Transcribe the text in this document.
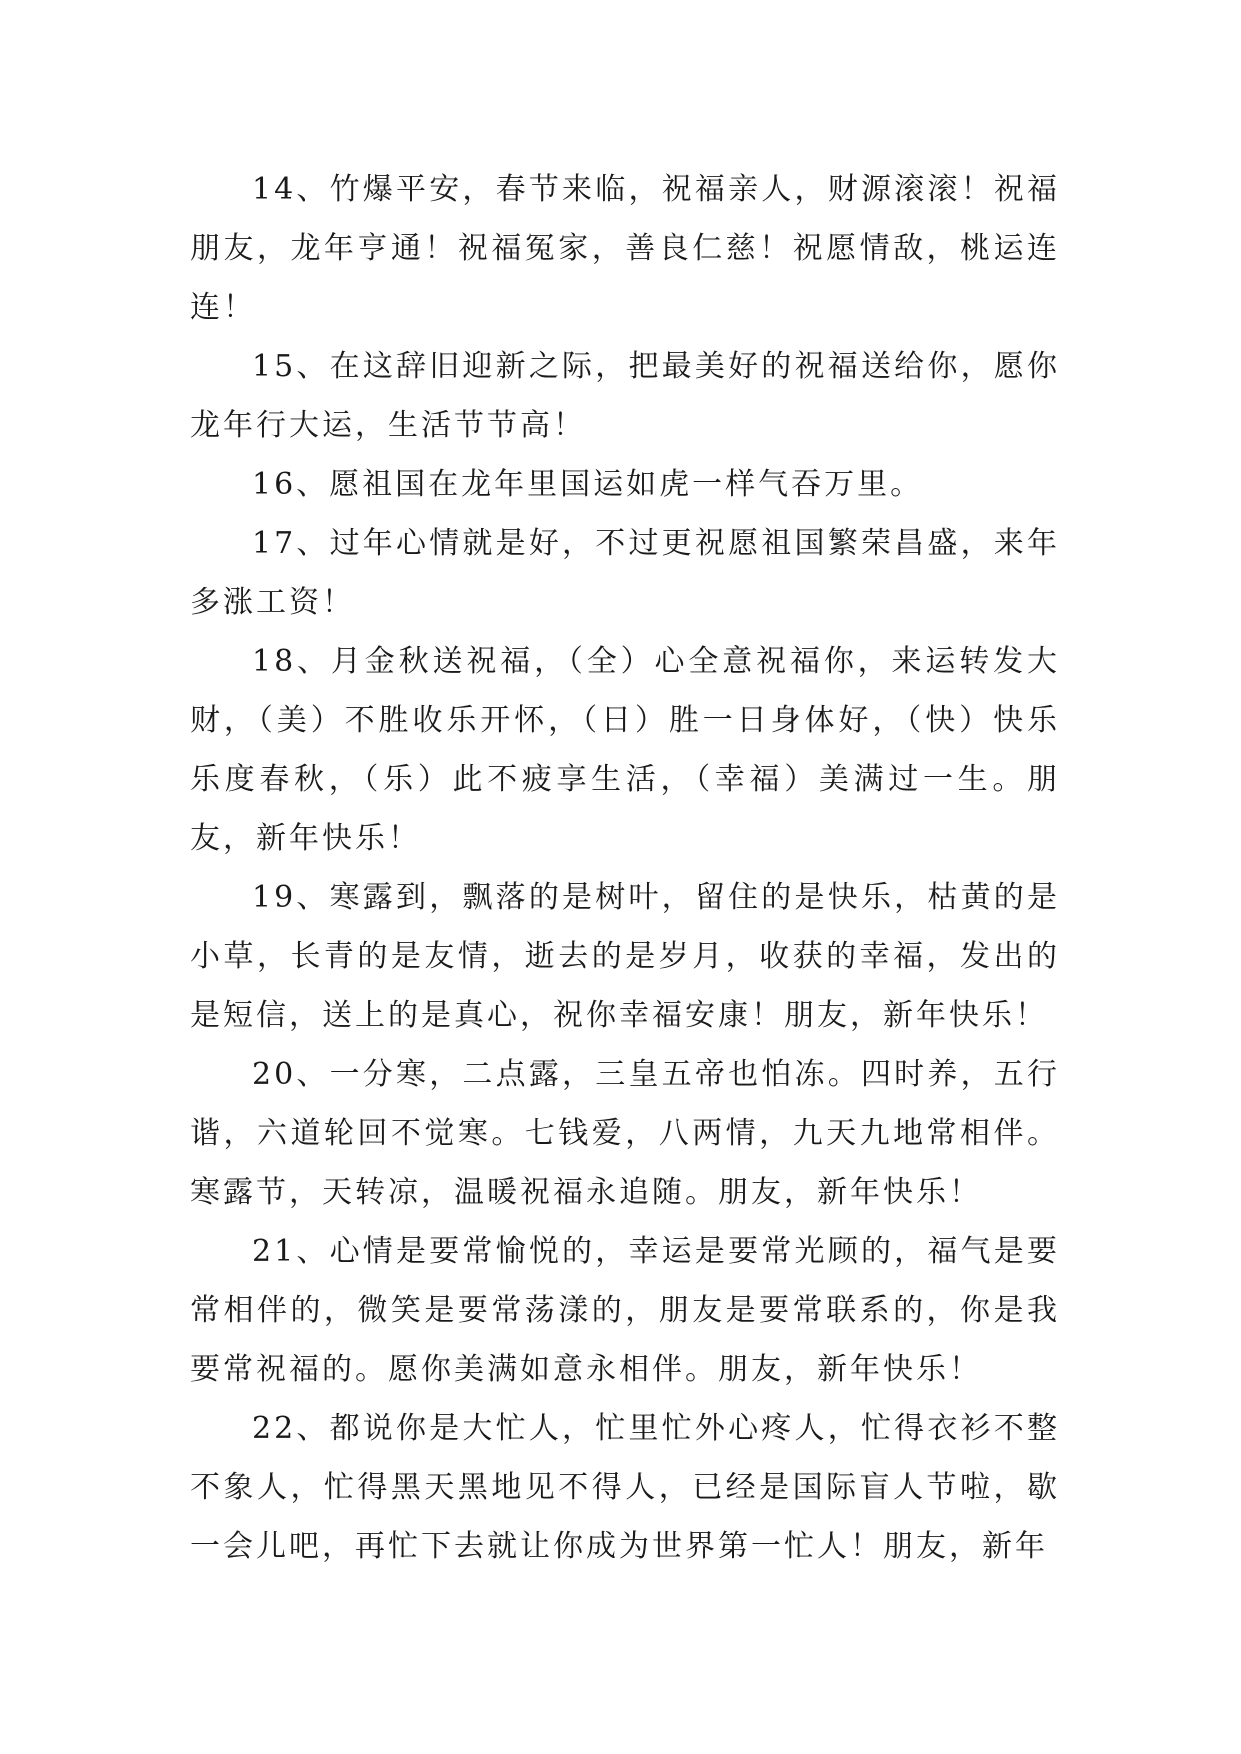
14、竹爆平安，春节来临，祝福亲人，财源滚滚！祝福朋友，龙年亨通！祝福冤家，善良仁慈！祝愿情敌，桃运连连！

15、在这辞旧迎新之际，把最美好的祝福送给你，愿你龙年行大运，生活节节高！

16、愿祖国在龙年里国运如虎一样气吞万里。

17、过年心情就是好，不过更祝愿祖国繁荣昌盛，来年多涨工资！

18、月金秋送祝福，（全）心全意祝福你，来运转发大财，（美）不胜收乐开怀，（日）胜一日身体好，（快）快乐乐度春秋，（乐）此不疲享生活，（幸福）美满过一生。朋友，新年快乐！

19、寒露到，飘落的是树叶，留住的是快乐，枯黄的是小草，长青的是友情，逝去的是岁月，收获的幸福，发出的是短信，送上的是真心，祝你幸福安康！朋友，新年快乐！

20、一分寒，二点露，三皇五帝也怕冻。四时养，五行谐，六道轮回不觉寒。七钱爱，八两情，九天九地常相伴。寒露节，天转凉，温暖祝福永追随。朋友，新年快乐！

21、心情是要常愉悦的，幸运是要常光顾的，福气是要常相伴的，微笑是要常荡漾的，朋友是要常联系的，你是我要常祝福的。愿你美满如意永相伴。朋友，新年快乐！

22、都说你是大忙人，忙里忙外心疼人，忙得衣衫不整不象人，忙得黑天黑地见不得人，已经是国际盲人节啦，歇一会儿吧，再忙下去就让你成为世界第一忙人！朋友，新年
